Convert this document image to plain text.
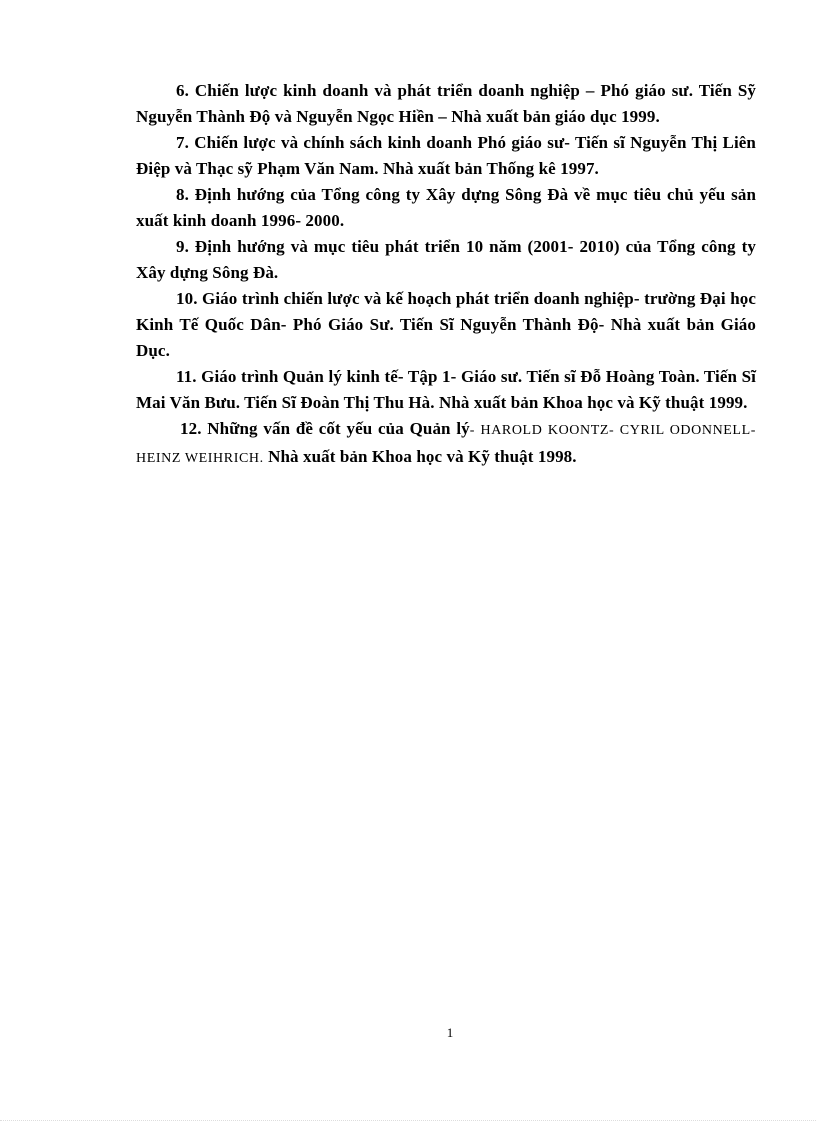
6. Chiến lược kinh doanh và phát triển doanh nghiệp – Phó giáo sư. Tiến Sỹ Nguyễn Thành Độ và Nguyễn Ngọc Hiền – Nhà xuất bản giáo dục 1999.

7. Chiến lược và chính sách kinh doanh Phó giáo sư- Tiến sĩ Nguyễn Thị Liên Điệp và Thạc sỹ Phạm Văn Nam. Nhà xuất bản Thống kê 1997.

8. Định hướng của Tổng công ty Xây dựng Sông Đà về mục tiêu chủ yếu sản xuất kinh doanh 1996- 2000.

9. Định hướng và mục tiêu phát triển 10 năm (2001- 2010) của Tổng công ty Xây dựng Sông Đà.

10. Giáo trình chiến lược và kế hoạch phát triển doanh nghiệp- trường Đại học Kinh Tế Quốc Dân- Phó Giáo Sư. Tiến Sĩ Nguyễn Thành Độ- Nhà xuất bản Giáo Dục.

11. Giáo trình Quản lý kinh tế- Tập 1- Giáo sư. Tiến sĩ Đỗ Hoàng Toàn. Tiến Sĩ Mai Văn Bưu. Tiến Sĩ Đoàn Thị Thu Hà. Nhà xuất bản Khoa học và Kỹ thuật 1999.

12. Những vấn đề cốt yếu của Quản lý- HAROLD KOONTZ- CYRIL ODONNELL- HEINZ WEIHRICH. Nhà xuất bản Khoa học và Kỹ thuật 1998.

1
